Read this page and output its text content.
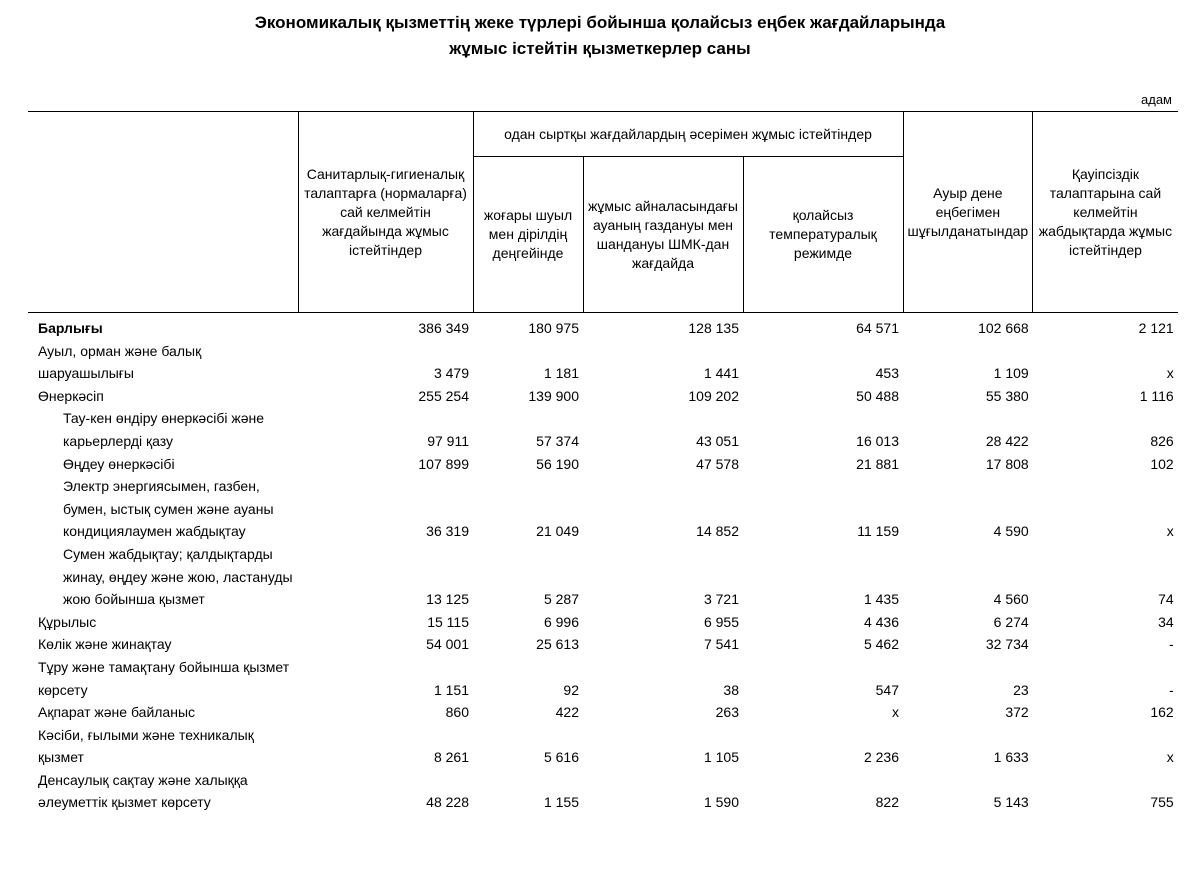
Экономикалық қызметтің жеке түрлері бойынша қолайсыз еңбек жағдайларында
жұмыс істейтін қызметкерлер саны
адам
	Санитарлық-гигиеналық талаптарға (нормаларға) сай келмейтін жағдайында жұмыс істейтіндер	одан сыртқы жағдайлардың әсерімен жұмыс істейтіндер			Ауыр дене еңбегімен шұғылданатындар	Қауіпсіздік талаптарына сай келмейтін жабдықтарда жұмыс істейтіндер
		жоғары шуыл мен дірілдің деңгейінде	жұмыс айналасындағы ауаның газдануы мен шандануы ШМК-дан жағдайда	қолайсыз температуралық режимде		
Барлығы	386 349	180 975	128 135	64 571	102 668	2 121
Ауыл, орман және балық шаруашылығы	3 479	1 181	1 441	453	1 109	x
Өнеркәсіп	255 254	139 900	109 202	50 488	55 380	1 116
Тау-кен өндіру өнеркәсібі және карьерлерді қазу	97 911	57 374	43 051	16 013	28 422	826
Өңдеу өнеркәсібі	107 899	56 190	47 578	21 881	17 808	102
Электр энергиясымен, газбен, бумен, ыстық сумен және ауаны кондициялаумен жабдықтау	36 319	21 049	14 852	11 159	4 590	x
Сумен жабдықтау; қалдықтарды жинау, өңдеу және жою, ластануды жою бойынша қызмет	13 125	5 287	3 721	1 435	4 560	74
Құрылыс	15 115	6 996	6 955	4 436	6 274	34
Көлік және жинақтау	54 001	25 613	7 541	5 462	32 734	-
Тұру және тамақтану бойынша қызмет көрсету	1 151	92	38	547	23	-
Ақпарат және байланыс	860	422	263	x	372	162
Кәсіби, ғылыми және техникалық қызмет	8 261	5 616	1 105	2 236	1 633	x
Денсаулық сақтау және халыққа әлеуметтік қызмет көрсету	48 228	1 155	1 590	822	5 143	755
